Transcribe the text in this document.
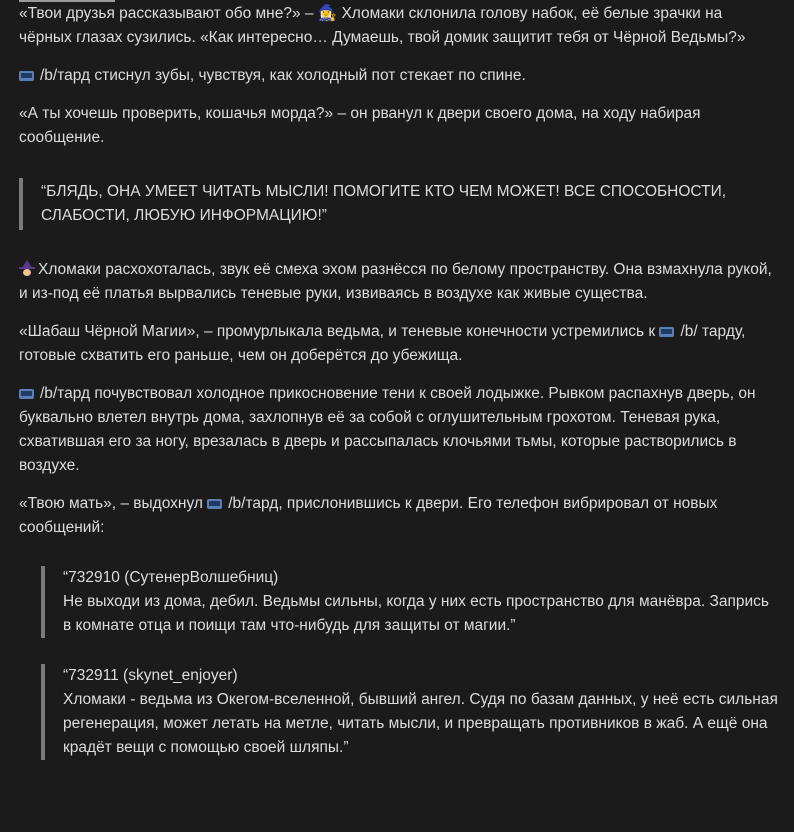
«Твои друзья рассказывают обо мне?» – 🧙‍♀️ Хломаки склонила голову набок, её белые зрачки на чёрных глазах сузились. «Как интересно… Думаешь, твой домик защитит тебя от Чёрной Ведьмы?»

/b/тард стиснул зубы, чувствуя, как холодный пот стекает по спине.

«А ты хочешь проверить, кошачья морда?» – он рванул к двери своего дома, на ходу набирая сообщение.

“БЛЯДЬ, ОНА УМЕЕТ ЧИТАТЬ МЫСЛИ! ПОМОГИТЕ КТО ЧЕМ МОЖЕТ! ВСЕ СПОСОБНОСТИ, СЛАБОСТИ, ЛЮБУЮ ИНФОРМАЦИЮ!”

Хломаки расхохоталась, звук её смеха эхом разнёсся по белому пространству. Она взмахнула рукой, и из-под её платья вырвались теневые руки, извиваясь в воздухе как живые существа.

«Шабаш Чёрной Магии», – промурлыкала ведьма, и теневые конечности устремились к /b/ тарду, готовые схватить его раньше, чем он доберётся до убежища.

/b/тард почувствовал холодное прикосновение тени к своей лодыжке. Рывком распахнув дверь, он буквально влетел внутрь дома, захлопнув её за собой с оглушительным грохотом. Теневая рука, схватившая его за ногу, врезалась в дверь и рассыпалась клочьями тьмы, которые растворились в воздухе.

«Твою мать», – выдохнул /b/тард, прислонившись к двери. Его телефон вибрировал от новых сообщений:

“732910 (СутенерВолшебниц)

Не выходи из дома, дебил. Ведьмы сильны, когда у них есть пространство для манёвра. Запрись в комнате отца и поищи там что-нибудь для защиты от магии.”

“732911 (skynet_enjoyer)

Хломаки - ведьма из Окегом-вселенной, бывший ангел. Судя по базам данных, у неё есть сильная регенерация, может летать на метле, читать мысли, и превращать противников в жаб. А ещё она крадёт вещи с помощью своей шляпы.”
